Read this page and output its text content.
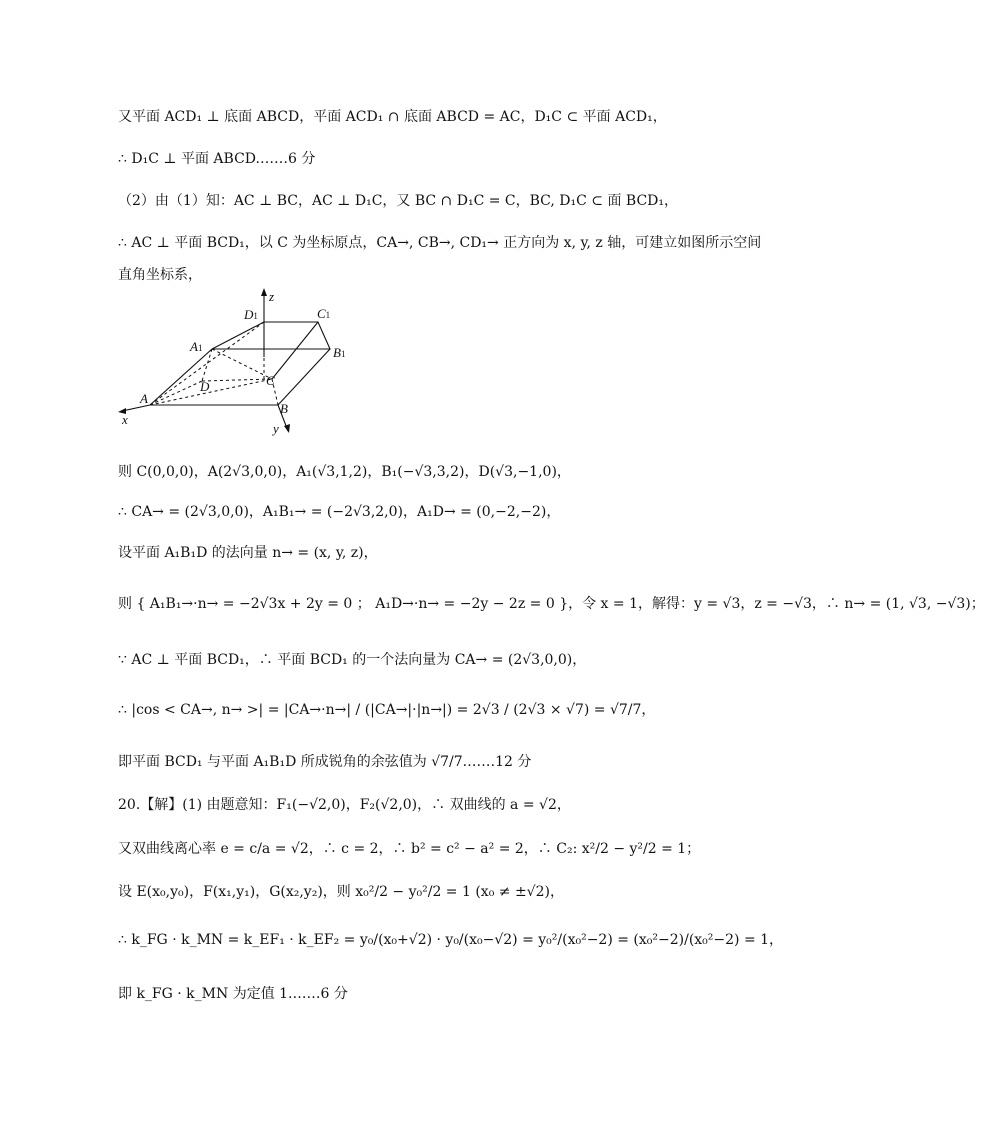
又平面 ACD₁ ⊥ 底面 ABCD，平面 ACD₁ ∩ 底面 ABCD = AC，D₁C ⊂ 平面 ACD₁，
∴ D₁C ⊥ 平面 ABCD.……6 分
（2）由（1）知：AC ⊥ BC，AC ⊥ D₁C，又 BC ∩ D₁C = C，BC, D₁C ⊂ 面 BCD₁，
∴ AC ⊥ 平面 BCD₁，以 C 为坐标原点，CA→, CB→, CD₁→ 正方向为 x, y, z 轴，可建立如图所示空间
直角坐标系，
z
x
y
D1	C1
A1	B1
A
B
C
D
则 C(0,0,0)，A(2√3,0,0)，A₁(√3,1,2)，B₁(−√3,3,2)，D(√3,−1,0)，
∴ CA→ = (2√3,0,0)，A₁B₁→ = (−2√3,2,0)，A₁D→ = (0,−2,−2)，
设平面 A₁B₁D 的法向量 n→ = (x, y, z)，
则 { A₁B₁→·n→ = −2√3x + 2y = 0 ； A₁D→·n→ = −2y − 2z = 0 }，令 x = 1，解得：y = √3，z = −√3，∴ n→ = (1, √3, −√3)；
∵ AC ⊥ 平面 BCD₁，∴ 平面 BCD₁ 的一个法向量为 CA→ = (2√3,0,0)，
∴ |cos < CA→, n→ >| = |CA→·n→| / (|CA→|·|n→|) = 2√3 / (2√3 × √7) = √7/7，
即平面 BCD₁ 与平面 A₁B₁D 所成锐角的余弦值为 √7/7.……12 分
20.【解】(1) 由题意知：F₁(−√2,0)，F₂(√2,0)，∴ 双曲线的 a = √2，
又双曲线离心率 e = c/a = √2，∴ c = 2，∴ b² = c² − a² = 2，∴ C₂: x²/2 − y²/2 = 1；
设 E(x₀,y₀)，F(x₁,y₁)，G(x₂,y₂)，则 x₀²/2 − y₀²/2 = 1 (x₀ ≠ ±√2)，
∴ k_FG · k_MN = k_EF₁ · k_EF₂ = y₀/(x₀+√2) · y₀/(x₀−√2) = y₀²/(x₀²−2) = (x₀²−2)/(x₀²−2) = 1，
即 k_FG · k_MN 为定值 1.……6 分
